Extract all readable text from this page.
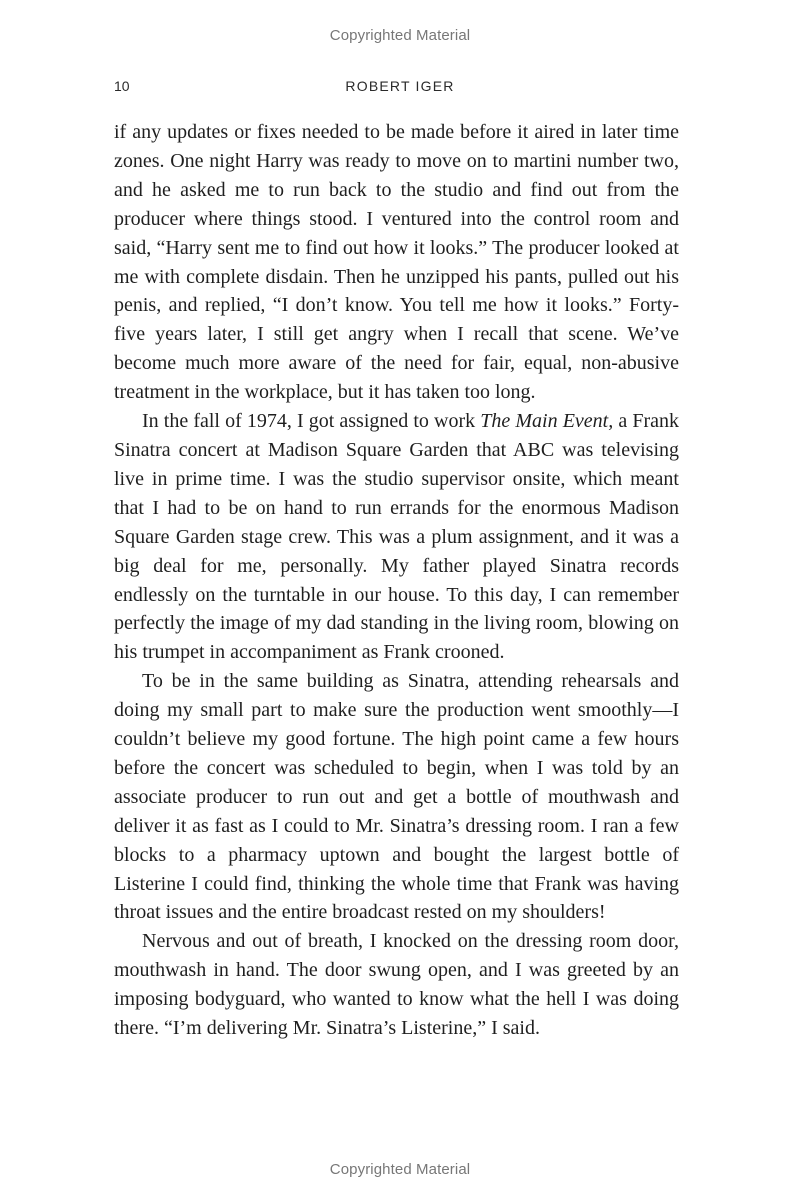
Copyrighted Material
10	ROBERT IGER

if any updates or fixes needed to be made before it aired in later time zones. One night Harry was ready to move on to martini number two, and he asked me to run back to the studio and find out from the producer where things stood. I ventured into the control room and said, “Harry sent me to find out how it looks.” The producer looked at me with complete disdain. Then he unzipped his pants, pulled out his penis, and replied, “I don’t know. You tell me how it looks.” Forty-five years later, I still get angry when I recall that scene. We’ve become much more aware of the need for fair, equal, non-abusive treatment in the workplace, but it has taken too long.

In the fall of 1974, I got assigned to work The Main Event, a Frank Sinatra concert at Madison Square Garden that ABC was televising live in prime time. I was the studio supervisor onsite, which meant that I had to be on hand to run errands for the enormous Madison Square Garden stage crew. This was a plum assignment, and it was a big deal for me, personally. My father played Sinatra records endlessly on the turntable in our house. To this day, I can remember perfectly the image of my dad standing in the living room, blowing on his trumpet in accompaniment as Frank crooned.

To be in the same building as Sinatra, attending rehearsals and doing my small part to make sure the production went smoothly—I couldn’t believe my good fortune. The high point came a few hours before the concert was scheduled to begin, when I was told by an associate producer to run out and get a bottle of mouthwash and deliver it as fast as I could to Mr. Sinatra’s dressing room. I ran a few blocks to a pharmacy uptown and bought the largest bottle of Listerine I could find, thinking the whole time that Frank was having throat issues and the entire broadcast rested on my shoulders!

Nervous and out of breath, I knocked on the dressing room door, mouthwash in hand. The door swung open, and I was greeted by an imposing bodyguard, who wanted to know what the hell I was doing there. “I’m delivering Mr. Sinatra’s Listerine,” I said.

Copyrighted Material
